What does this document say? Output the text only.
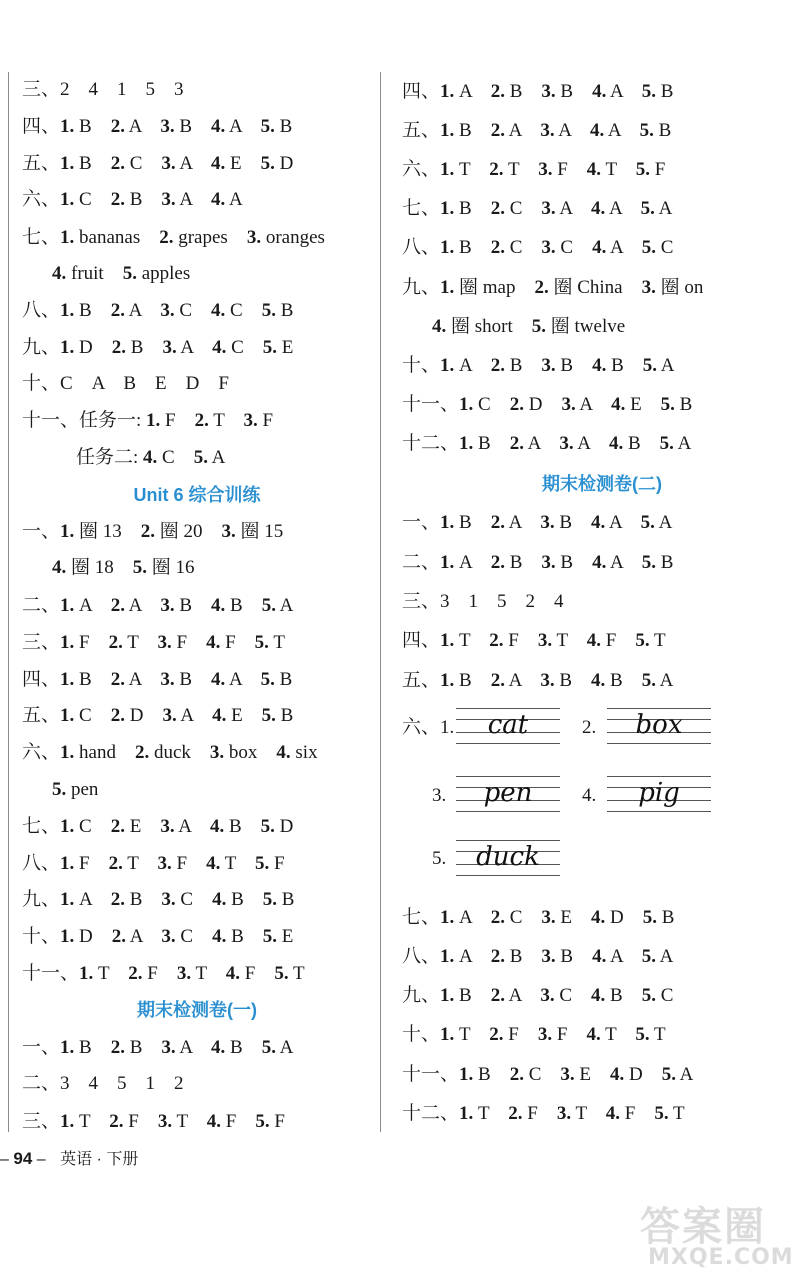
三、2　4　1　5　3
四、1. B　2. A　3. B　4. A　5. B
五、1. B　2. C　3. A　4. E　5. D
六、1. C　2. B　3. A　4. A
七、1. bananas　2. grapes　3. oranges
4. fruit　5. apples
八、1. B　2. A　3. C　4. C　5. B
九、1. D　2. B　3. A　4. C　5. E
十、C　A　B　E　D　F
十一、任务一: 1. F　2. T　3. F
任务二: 4. C　5. A
Unit 6 综合训练
一、1. 圈 13　2. 圈 20　3. 圈 15
4. 圈 18　5. 圈 16
二、1. A　2. A　3. B　4. B　5. A
三、1. F　2. T　3. F　4. F　5. T
四、1. B　2. A　3. B　4. A　5. B
五、1. C　2. D　3. A　4. E　5. B
六、1. hand　2. duck　3. box　4. six
5. pen
七、1. C　2. E　3. A　4. B　5. D
八、1. F　2. T　3. F　4. T　5. F
九、1. A　2. B　3. C　4. B　5. B
十、1. D　2. A　3. C　4. B　5. E
十一、1. T　2. F　3. T　4. F　5. T
期末检测卷(一)
一、1. B　2. B　3. A　4. B　5. A
二、3　4　5　1　2
三、1. T　2. F　3. T　4. F　5. F
四、1. A　2. B　3. B　4. A　5. B
五、1. B　2. A　3. A　4. A　5. B
六、1. T　2. T　3. F　4. T　5. F
七、1. B　2. C　3. A　4. A　5. A
八、1. B　2. C　3. C　4. A　5. C
九、1. 圈 map　2. 圈 China　3. 圈 on
4. 圈 short　5. 圈 twelve
十、1. A　2. B　3. B　4. B　5. A
十一、1. C　2. D　3. A　4. E　5. B
十二、1. B　2. A　3. A　4. B　5. A
期末检测卷(二)
一、1. B　2. A　3. B　4. A　5. A
二、1. A　2. B　3. B　4. A　5. B
三、3　1　5　2　4
四、1. T　2. F　3. T　4. F　5. T
五、1. B　2. A　3. B　4. B　5. A
六、1.	cat	2.	box
3.	pen	4.	pig
5.	duck
七、1. A　2. C　3. E　4. D　5. B
八、1. A　2. B　3. B　4. A　5. A
九、1. B　2. A　3. C　4. B　5. C
十、1. T　2. F　3. F　4. T　5. T
十一、1. B　2. C　3. E　4. D　5. A
十二、1. T　2. F　3. T　4. F　5. T
– 94 – 英语 · 下册
答案圈
MXQE.COM
